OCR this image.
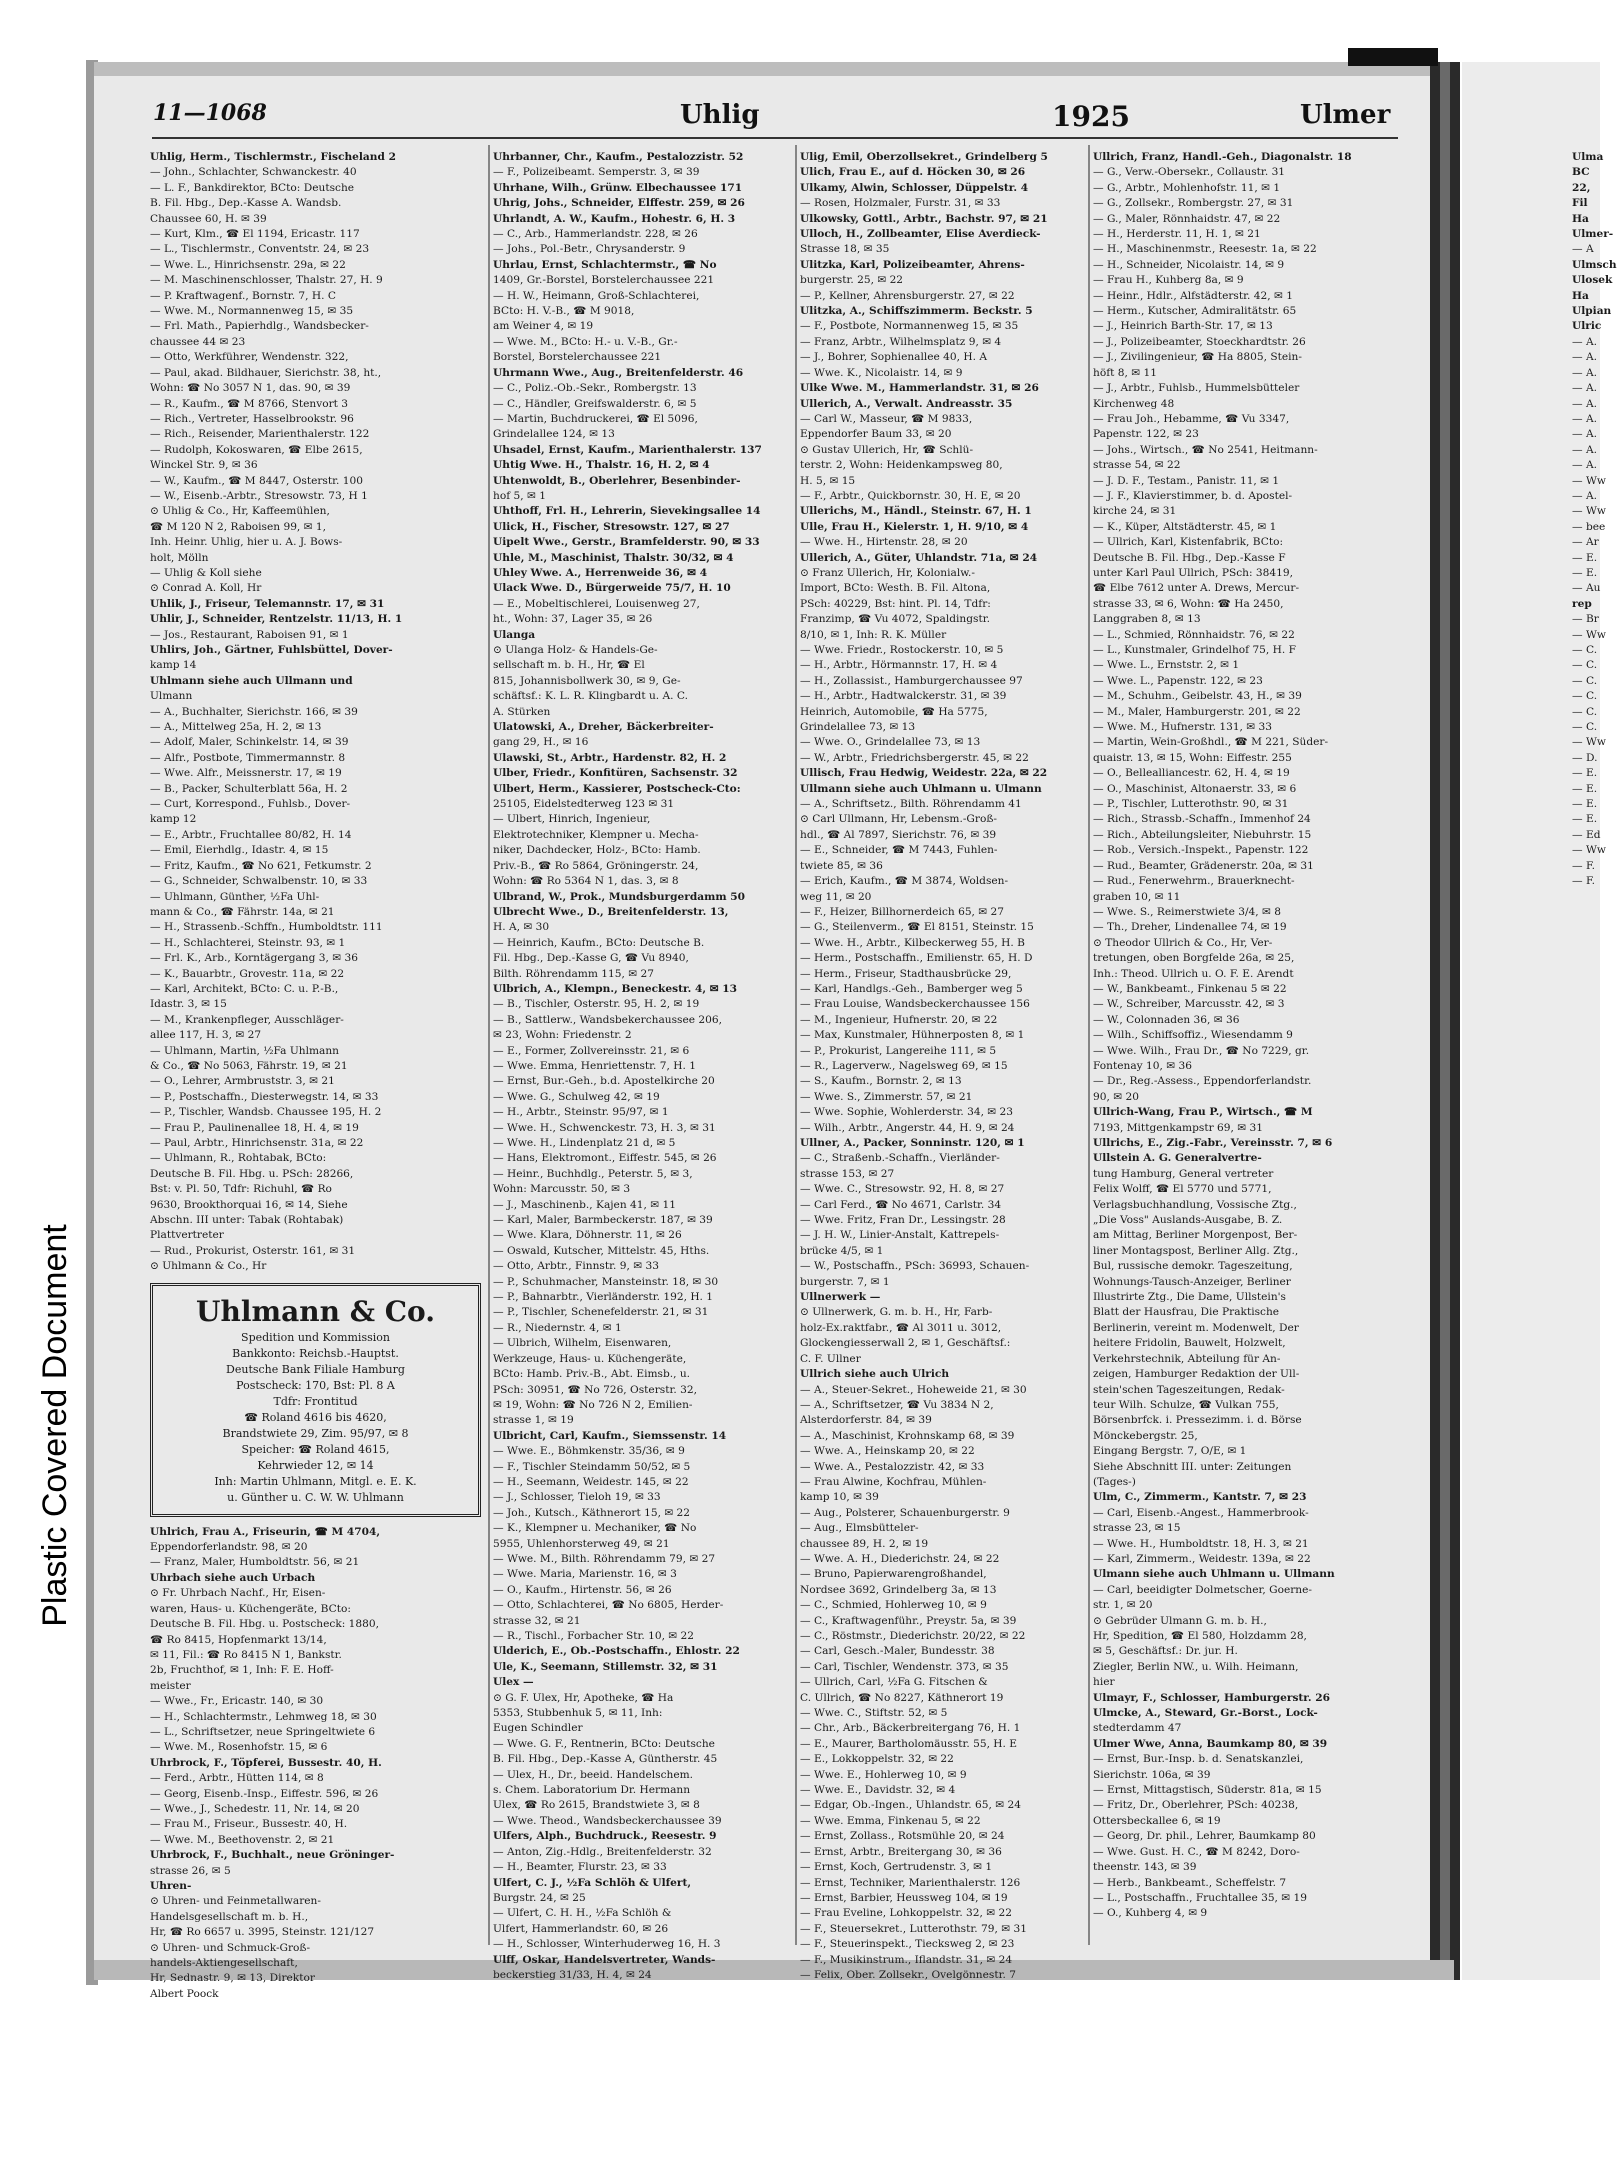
Plastic Covered Document
11—1068	Uhlig	1925	Ulmer

Uhlig, Herm., Tischlermstr., Fischeland 2

— John., Schlachter, Schwanckestr. 40

— L. F., Bankdirektor, BCto: Deutsche

B. Fil. Hbg., Dep.-Kasse A. Wandsb.

Chaussee 60, H. ✉ 39

— Kurt, Klm., ☎ El 1194, Ericastr. 117

— L., Tischlermstr., Conventstr. 24, ✉ 23

— Wwe. L., Hinrichsenstr. 29a, ✉ 22

— M. Maschinenschlosser, Thalstr. 27, H. 9

— P. Kraftwagenf., Bornstr. 7, H. C

— Wwe. M., Normannenweg 15, ✉ 35

— Frl. Math., Papierhdlg., Wandsbecker-

chaussee 44 ✉ 23

— Otto, Werkführer, Wendenstr. 322,

— Paul, akad. Bildhauer, Sierichstr. 38, ht.,

Wohn: ☎ No 3057 N 1, das. 90, ✉ 39

— R., Kaufm., ☎ M 8766, Stenvort 3

— Rich., Vertreter, Hasselbrookstr. 96

— Rich., Reisender, Marienthalerstr. 122

— Rudolph, Kokoswaren, ☎ Elbe 2615,

Winckel Str. 9, ✉ 36

— W., Kaufm., ☎ M 8447, Osterstr. 100

— W., Eisenb.-Arbtr., Stresowstr. 73, H 1

⊙ Uhlig & Co., Hr, Kaffeemühlen,

☎ M 120 N 2, Raboisen 99, ✉ 1,

Inh. Heinr. Uhlig, hier u. A. J. Bows-

holt, Mölln

— Uhlig & Koll siehe

⊙ Conrad A. Koll, Hr

Uhlik, J., Friseur, Telemannstr. 17, ✉ 31

Uhlir, J., Schneider, Rentzelstr. 11/13, H. 1

— Jos., Restaurant, Raboisen 91, ✉ 1

Uhlirs, Joh., Gärtner, Fuhlsbüttel, Dover-

kamp 14

Uhlmann siehe auch Ullmann und

Ulmann

— A., Buchhalter, Sierichstr. 166, ✉ 39

— A., Mittelweg 25a, H. 2, ✉ 13

— Adolf, Maler, Schinkelstr. 14, ✉ 39

— Alfr., Postbote, Timmermannstr. 8

— Wwe. Alfr., Meissnerstr. 17, ✉ 19

— B., Packer, Schulterblatt 56a, H. 2

— Curt, Korrespond., Fuhlsb., Dover-

kamp 12

— E., Arbtr., Fruchtallee 80/82, H. 14

— Emil, Eierhdlg., Idastr. 4, ✉ 15

— Fritz, Kaufm., ☎ No 621, Fetkumstr. 2

— G., Schneider, Schwalbenstr. 10, ✉ 33

— Uhlmann, Günther, ½Fa Uhl-

mann & Co., ☎ Fährstr. 14a, ✉ 21

— H., Strassenb.-Schffn., Humboldtstr. 111

— H., Schlachterei, Steinstr. 93, ✉ 1

— Frl. K., Arb., Korntägergang 3, ✉ 36

— K., Bauarbtr., Grovestr. 11a, ✉ 22

— Karl, Architekt, BCto: C. u. P.-B.,

Idastr. 3, ✉ 15

— M., Krankenpfleger, Ausschläger-

allee 117, H. 3, ✉ 27

— Uhlmann, Martin, ½Fa Uhlmann

& Co., ☎ No 5063, Fährstr. 19, ✉ 21

— O., Lehrer, Armbruststr. 3, ✉ 21

— P., Postschaffn., Diesterwegstr. 14, ✉ 33

— P., Tischler, Wandsb. Chaussee 195, H. 2

— Frau P., Paulinenallee 18, H. 4, ✉ 19

— Paul, Arbtr., Hinrichsenstr. 31a, ✉ 22

— Uhlmann, R., Rohtabak, BCto:

Deutsche B. Fil. Hbg. u. PSch: 28266,

Bst: v. Pl. 50, Tdfr: Richuhl, ☎ Ro

9630, Brookthorquai 16, ✉ 14, Siehe

Abschn. III unter: Tabak (Rohtabak)

Plattvertreter

— Rud., Prokurist, Osterstr. 161, ✉ 31

⊙ Uhlmann & Co., Hr

Uhlmann & Co.
Spedition und Kommission
Bankkonto: Reichsb.-Hauptst.
Deutsche Bank Filiale Hamburg
Postscheck: 170, Bst: Pl. 8 A
Tdfr: Frontitud
☎ Roland 4616 bis 4620,
Brandstwiete 29, Zim. 95/97, ✉ 8
Speicher: ☎ Roland 4615,
Kehrwieder 12, ✉ 14
Inh: Martin Uhlmann, Mitgl. e. E. K.
u. Günther u. C. W. W. Uhlmann

Uhlrich, Frau A., Friseurin, ☎ M 4704,

Eppendorferlandstr. 98, ✉ 20

— Franz, Maler, Humboldtstr. 56, ✉ 21

Uhrbach siehe auch Urbach

⊙ Fr. Uhrbach Nachf., Hr, Eisen-

waren, Haus- u. Küchengeräte, BCto:

Deutsche B. Fil. Hbg. u. Postscheck: 1880,

☎ Ro 8415, Hopfenmarkt 13/14,

✉ 11, Fil.: ☎ Ro 8415 N 1, Bankstr.

2b, Fruchthof, ✉ 1, Inh: F. E. Hoff-

meister

— Wwe., Fr., Ericastr. 140, ✉ 30

— H., Schlachtermstr., Lehmweg 18, ✉ 30

— L., Schriftsetzer, neue Springeltwiete 6

— Wwe. M., Rosenhofstr. 15, ✉ 6

Uhrbrock, F., Töpferei, Bussestr. 40, H.

— Ferd., Arbtr., Hütten 114, ✉ 8

— Georg, Eisenb.-Insp., Eiffestr. 596, ✉ 26

— Wwe., J., Schedestr. 11, Nr. 14, ✉ 20

— Frau M., Friseur., Bussestr. 40, H.

— Wwe. M., Beethovenstr. 2, ✉ 21

Uhrbrock, F., Buchhalt., neue Gröninger-

strasse 26, ✉ 5

Uhren-

⊙ Uhren- und Feinmetallwaren-

Handelsgesellschaft m. b. H.,

Hr, ☎ Ro 6657 u. 3995, Steinstr. 121/127

⊙ Uhren- und Schmuck-Groß-

handels-Aktiengesellschaft,

Hr, Sednastr. 9, ✉ 13, Direktor

Albert Poock

Uhrbanner, Chr., Kaufm., Pestalozzistr. 52

— F., Polizeibeamt. Semperstr. 3, ✉ 39

Uhrhane, Wilh., Grünw. Elbechaussee 171

Uhrig, Johs., Schneider, Elffestr. 259, ✉ 26

Uhrlandt, A. W., Kaufm., Hohestr. 6, H. 3

— C., Arb., Hammerlandstr. 228, ✉ 26

— Johs., Pol.-Betr., Chrysanderstr. 9

Uhrlau, Ernst, Schlachtermstr., ☎ No

1409, Gr.-Borstel, Borstelerchaussee 221

— H. W., Heimann, Groß-Schlachterei,

BCto: H. V.-B., ☎ M 9018,

am Weiner 4, ✉ 19

— Wwe. M., BCto: H.- u. V.-B., Gr.-

Borstel, Borstelerchaussee 221

Uhrmann Wwe., Aug., Breitenfelderstr. 46

— C., Poliz.-Ob.-Sekr., Rombergstr. 13

— C., Händler, Greifswalderstr. 6, ✉ 5

— Martin, Buchdruckerei, ☎ El 5096,

Grindelallee 124, ✉ 13

Uhsadel, Ernst, Kaufm., Marienthalerstr. 137

Uhtig Wwe. H., Thalstr. 16, H. 2, ✉ 4

Uhtenwoldt, B., Oberlehrer, Besenbinder-

hof 5, ✉ 1

Uhthoff, Frl. H., Lehrerin, Sievekingsallee 14

Ulick, H., Fischer, Stresowstr. 127, ✉ 27

Uipelt Wwe., Gerstr., Bramfelderstr. 90, ✉ 33

Uhle, M., Maschinist, Thalstr. 30/32, ✉ 4

Uhley Wwe. A., Herrenweide 36, ✉ 4

Ulack Wwe. D., Bürgerweide 75/7, H. 10

— E., Mobeltischlerei, Louisenweg 27,

ht., Wohn: 37, Lager 35, ✉ 26

Ulanga

⊙ Ulanga Holz- & Handels-Ge-

sellschaft m. b. H., Hr, ☎ El

815, Johannisbollwerk 30, ✉ 9, Ge-

schäftsf.: K. L. R. Klingbardt u. A. C.

A. Stürken

Ulatowski, A., Dreher, Bäckerbreiter-

gang 29, H., ✉ 16

Ulawski, St., Arbtr., Hardenstr. 82, H. 2

Ulber, Friedr., Konfitüren, Sachsenstr. 32

Ulbert, Herm., Kassierer, Postscheck-Cto:

25105, Eidelstedterweg 123 ✉ 31

— Ulbert, Hinrich, Ingenieur,

Elektrotechniker, Klempner u. Mecha-

niker, Dachdecker, Holz-, BCto: Hamb.

Priv.-B., ☎ Ro 5864, Gröningerstr. 24,

Wohn: ☎ Ro 5364 N 1, das. 3, ✉ 8

Ulbrand, W., Prok., Mundsburgerdamm 50

Ulbrecht Wwe., D., Breitenfelderstr. 13,

H. A, ✉ 30

— Heinrich, Kaufm., BCto: Deutsche B.

Fil. Hbg., Dep.-Kasse G, ☎ Vu 8940,

Bilth. Röhrendamm 115, ✉ 27

Ulbrich, A., Klempn., Beneckestr. 4, ✉ 13

— B., Tischler, Osterstr. 95, H. 2, ✉ 19

— B., Sattlerw., Wandsbekerchaussee 206,

✉ 23, Wohn: Friedenstr. 2

— E., Former, Zollvereinsstr. 21, ✉ 6

— Wwe. Emma, Henriettenstr. 7, H. 1

— Ernst, Bur.-Geh., b.d. Apostelkirche 20

— Wwe. G., Schulweg 42, ✉ 19

— H., Arbtr., Steinstr. 95/97, ✉ 1

— Wwe. H., Schwenckestr. 73, H. 3, ✉ 31

— Wwe. H., Lindenplatz 21 d, ✉ 5

— Hans, Elektromont., Eiffestr. 545, ✉ 26

— Heinr., Buchhdlg., Peterstr. 5, ✉ 3,

Wohn: Marcusstr. 50, ✉ 3

— J., Maschinenb., Kajen 41, ✉ 11

— Karl, Maler, Barmbeckerstr. 187, ✉ 39

— Wwe. Klara, Döhnerstr. 11, ✉ 26

— Oswald, Kutscher, Mittelstr. 45, Hths.

— Otto, Arbtr., Finnstr. 9, ✉ 33

— P., Schuhmacher, Mansteinstr. 18, ✉ 30

— P., Bahnarbtr., Vierländerstr. 192, H. 1

— P., Tischler, Schenefelderstr. 21, ✉ 31

— R., Niedernstr. 4, ✉ 1

— Ulbrich, Wilhelm, Eisenwaren,

Werkzeuge, Haus- u. Küchengeräte,

BCto: Hamb. Priv.-B., Abt. Eimsb., u.

PSch: 30951, ☎ No 726, Osterstr. 32,

✉ 19, Wohn: ☎ No 726 N 2, Emilien-

strasse 1, ✉ 19

Ulbricht, Carl, Kaufm., Siemssenstr. 14

— Wwe. E., Böhmkenstr. 35/36, ✉ 9

— F., Tischler Steindamm 50/52, ✉ 5

— H., Seemann, Weidestr. 145, ✉ 22

— J., Schlosser, Tieloh 19, ✉ 33

— Joh., Kutsch., Käthnerort 15, ✉ 22

— K., Klempner u. Mechaniker, ☎ No

5955, Uhlenhorsterweg 49, ✉ 21

— Wwe. M., Bilth. Röhrendamm 79, ✉ 27

— Wwe. Maria, Marienstr. 16, ✉ 3

— O., Kaufm., Hirtenstr. 56, ✉ 26

— Otto, Schlachterei, ☎ No 6805, Herder-

strasse 32, ✉ 21

— R., Tischl., Forbacher Str. 10, ✉ 22

Ulderich, E., Ob.-Postschaffn., Ehlostr. 22

Ule, K., Seemann, Stillemstr. 32, ✉ 31

Ulex —

⊙ G. F. Ulex, Hr, Apotheke, ☎ Ha

5353, Stubbenhuk 5, ✉ 11, Inh:

Eugen Schindler

— Wwe. G. F., Rentnerin, BCto: Deutsche

B. Fil. Hbg., Dep.-Kasse A, Güntherstr. 45

— Ulex, H., Dr., beeid. Handelschem.

s. Chem. Laboratorium Dr. Hermann

Ulex, ☎ Ro 2615, Brandstwiete 3, ✉ 8

— Wwe. Theod., Wandsbeckerchaussee 39

Ulfers, Alph., Buchdruck., Reesestr. 9

— Anton, Zig.-Hdlg., Breitenfelderstr. 32

— H., Beamter, Flurstr. 23, ✉ 33

Ulfert, C. J., ½Fa Schlöh & Ulfert,

Burgstr. 24, ✉ 25

— Ulfert, C. H. H., ½Fa Schlöh &

Ulfert, Hammerlandstr. 60, ✉ 26

— H., Schlosser, Winterhuderweg 16, H. 3

Ulff, Oskar, Handelsvertreter, Wands-

beckerstieg 31/33, H. 4, ✉ 24

Ulig, Emil, Oberzollsekret., Grindelberg 5

Ulich, Frau E., auf d. Höcken 30, ✉ 26

Ulkamy, Alwin, Schlosser, Düppelstr. 4

— Rosen, Holzmaler, Furstr. 31, ✉ 33

Ulkowsky, Gottl., Arbtr., Bachstr. 97, ✉ 21

Ulloch, H., Zollbeamter, Elise Averdieck-

Strasse 18, ✉ 35

Ulitzka, Karl, Polizeibeamter, Ahrens-

burgerstr. 25, ✉ 22

— P., Kellner, Ahrensburgerstr. 27, ✉ 22

Ulitzka, A., Schiffszimmerm. Beckstr. 5

— F., Postbote, Normannenweg 15, ✉ 35

— Franz, Arbtr., Wilhelmsplatz 9, ✉ 4

— J., Bohrer, Sophienallee 40, H. A

— Wwe. K., Nicolaistr. 14, ✉ 9

Ulke Wwe. M., Hammerlandstr. 31, ✉ 26

Ullerich, A., Verwalt. Andreasstr. 35

— Carl W., Masseur, ☎ M 9833,

Eppendorfer Baum 33, ✉ 20

⊙ Gustav Ullerich, Hr, ☎ Schlü-

terstr. 2, Wohn: Heidenkampsweg 80,

H. 5, ✉ 15

— F., Arbtr., Quickbornstr. 30, H. E, ✉ 20

Ullerichs, M., Händl., Steinstr. 67, H. 1

Ulle, Frau H., Kielerstr. 1, H. 9/10, ✉ 4

— Wwe. H., Hirtenstr. 28, ✉ 20

Ullerich, A., Güter, Uhlandstr. 71a, ✉ 24

⊙ Franz Ullerich, Hr, Kolonialw.-

Import, BCto: Westh. B. Fil. Altona,

PSch: 40229, Bst: hint. Pl. 14, Tdfr:

Franzimp, ☎ Vu 4072, Spaldingstr.

8/10, ✉ 1, Inh: R. K. Müller

— Wwe. Friedr., Rostockerstr. 10, ✉ 5

— H., Arbtr., Hörmannstr. 17, H. ✉ 4

— H., Zollassist., Hamburgerchaussee 97

— H., Arbtr., Hadtwalckerstr. 31, ✉ 39

Heinrich, Automobile, ☎ Ha 5775,

Grindelallee 73, ✉ 13

— Wwe. O., Grindelallee 73, ✉ 13

— W., Arbtr., Friedrichsbergerstr. 45, ✉ 22

Ullisch, Frau Hedwig, Weidestr. 22a, ✉ 22

Ullmann siehe auch Uhlmann u. Ulmann

— A., Schriftsetz., Bilth. Röhrendamm 41

⊙ Carl Ullmann, Hr, Lebensm.-Groß-

hdl., ☎ Al 7897, Sierichstr. 76, ✉ 39

— E., Schneider, ☎ M 7443, Fuhlen-

twiete 85, ✉ 36

— Erich, Kaufm., ☎ M 3874, Woldsen-

weg 11, ✉ 20

— F., Heizer, Billhornerdeich 65, ✉ 27

— G., Steilenverm., ☎ El 8151, Steinstr. 15

— Wwe. H., Arbtr., Kilbeckerweg 55, H. B

— Herm., Postschaffn., Emilienstr. 65, H. D

— Herm., Friseur, Stadthausbrücke 29,

— Karl, Handlgs.-Geh., Bamberger weg 5

— Frau Louise, Wandsbeckerchaussee 156

— M., Ingenieur, Hufnerstr. 20, ✉ 22

— Max, Kunstmaler, Hühnerposten 8, ✉ 1

— P., Prokurist, Langereihe 111, ✉ 5

— R., Lagerverw., Nagelsweg 69, ✉ 15

— S., Kaufm., Bornstr. 2, ✉ 13

— Wwe. S., Zimmerstr. 57, ✉ 21

— Wwe. Sophie, Wohlerderstr. 34, ✉ 23

— Wilh., Arbtr., Angerstr. 44, H. 9, ✉ 24

Ullner, A., Packer, Sonninstr. 120, ✉ 1

— C., Straßenb.-Schaffn., Vierländer-

strasse 153, ✉ 27

— Wwe. C., Stresowstr. 92, H. 8, ✉ 27

— Carl Ferd., ☎ No 4671, Carlstr. 34

— Wwe. Fritz, Fran Dr., Lessingstr. 28

— J. H. W., Linier-Anstalt, Kattrepels-

brücke 4/5, ✉ 1

— W., Postschaffn., PSch: 36993, Schauen-

burgerstr. 7, ✉ 1

Ullnerwerk —

⊙ Ullnerwerk, G. m. b. H., Hr, Farb-

holz-Ex.raktfabr., ☎ Al 3011 u. 3012,

Glockengiesserwall 2, ✉ 1, Geschäftsf.:

C. F. Ullner

Ullrich siehe auch Ulrich

— A., Steuer-Sekret., Hoheweide 21, ✉ 30

— A., Schriftsetzer, ☎ Vu 3834 N 2,

Alsterdorferstr. 84, ✉ 39

— A., Maschinist, Krohnskamp 68, ✉ 39

— Wwe. A., Heinskamp 20, ✉ 22

— Wwe. A., Pestalozzistr. 42, ✉ 33

— Frau Alwine, Kochfrau, Mühlen-

kamp 10, ✉ 39

— Aug., Polsterer, Schauenburgerstr. 9

— Aug., Elmsbütteler-

chaussee 89, H. 2, ✉ 19

— Wwe. A. H., Diederichstr. 24, ✉ 22

— Bruno, Papierwarengroßhandel,

Nordsee 3692, Grindelberg 3a, ✉ 13

— C., Schmied, Hohlerweg 10, ✉ 9

— C., Kraftwagenführ., Preystr. 5a, ✉ 39

— C., Röstmstr., Diederichstr. 20/22, ✉ 22

— Carl, Gesch.-Maler, Bundesstr. 38

— Carl, Tischler, Wendenstr. 373, ✉ 35

— Ullrich, Carl, ½Fa G. Fitschen &

C. Ullrich, ☎ No 8227, Käthnerort 19

— Wwe. C., Stiftstr. 52, ✉ 5

— Chr., Arb., Bäckerbreitergang 76, H. 1

— E., Maurer, Bartholomäusstr. 55, H. E

— E., Lokkoppelstr. 32, ✉ 22

— Wwe. E., Hohlerweg 10, ✉ 9

— Wwe. E., Davidstr. 32, ✉ 4

— Edgar, Ob.-Ingen., Uhlandstr. 65, ✉ 24

— Wwe. Emma, Finkenau 5, ✉ 22

— Ernst, Zollass., Rotsmühle 20, ✉ 24

— Ernst, Arbtr., Breitergang 30, ✉ 36

— Ernst, Koch, Gertrudenstr. 3, ✉ 1

— Ernst, Techniker, Marienthalerstr. 126

— Ernst, Barbier, Heussweg 104, ✉ 19

— Frau Eveline, Lohkoppelstr. 32, ✉ 22

— F., Steuersekret., Lutterothstr. 79, ✉ 31

— F., Steuerinspekt., Tiecksweg 2, ✉ 23

— F., Musikinstrum., Iflandstr. 31, ✉ 24

— Felix, Ober. Zollsekr., Ovelgönnestr. 7

Ullrich, Franz, Handl.-Geh., Diagonalstr. 18

— G., Verw.-Obersekr., Collaustr. 31

— G., Arbtr., Mohlenhofstr. 11, ✉ 1

— G., Zollsekr., Rombergstr. 27, ✉ 31

— G., Maler, Rönnhaidstr. 47, ✉ 22

— H., Herderstr. 11, H. 1, ✉ 21

— H., Maschinenmstr., Reesestr. 1a, ✉ 22

— H., Schneider, Nicolaistr. 14, ✉ 9

— Frau H., Kuhberg 8a, ✉ 9

— Heinr., Hdlr., Alfstädterstr. 42, ✉ 1

— Herm., Kutscher, Admiralitätstr. 65

— J., Heinrich Barth-Str. 17, ✉ 13

— J., Polizeibeamter, Stoeckhardtstr. 26

— J., Zivilingenieur, ☎ Ha 8805, Stein-

höft 8, ✉ 11

— J., Arbtr., Fuhlsb., Hummelsbütteler

Kirchenweg 48

— Frau Joh., Hebamme, ☎ Vu 3347,

Papenstr. 122, ✉ 23

— Johs., Wirtsch., ☎ No 2541, Heitmann-

strasse 54, ✉ 22

— J. D. F., Testam., Panistr. 11, ✉ 1

— J. F., Klavierstimmer, b. d. Apostel-

kirche 24, ✉ 31

— K., Küper, Altstädterstr. 45, ✉ 1

— Ullrich, Karl, Kistenfabrik, BCto:

Deutsche B. Fil. Hbg., Dep.-Kasse F

unter Karl Paul Ullrich, PSch: 38419,

☎ Elbe 7612 unter A. Drews, Mercur-

strasse 33, ✉ 6, Wohn: ☎ Ha 2450,

Langgraben 8, ✉ 13

— L., Schmied, Rönnhaidstr. 76, ✉ 22

— L., Kunstmaler, Grindelhof 75, H. F

— Wwe. L., Ernststr. 2, ✉ 1

— Wwe. L., Papenstr. 122, ✉ 23

— M., Schuhm., Geibelstr. 43, H., ✉ 39

— M., Maler, Hamburgerstr. 201, ✉ 22

— Wwe. M., Hufnerstr. 131, ✉ 33

— Martin, Wein-Großhdl., ☎ M 221, Süder-

quaistr. 13, ✉ 15, Wohn: Eiffestr. 255

— O., Bellealliancestr. 62, H. 4, ✉ 19

— O., Maschinist, Altonaerstr. 33, ✉ 6

— P., Tischler, Lutterothstr. 90, ✉ 31

— Rich., Strassb.-Schaffn., Immenhof 24

— Rich., Abteilungsleiter, Niebuhrstr. 15

— Rob., Versich.-Inspekt., Papenstr. 122

— Rud., Beamter, Grädenerstr. 20a, ✉ 31

— Rud., Fenerwehrm., Brauerknecht-

graben 10, ✉ 11

— Wwe. S., Reimerstwiete 3/4, ✉ 8

— Th., Dreher, Lindenallee 74, ✉ 19

⊙ Theodor Ullrich & Co., Hr, Ver-

tretungen, oben Borgfelde 26a, ✉ 25,

Inh.: Theod. Ullrich u. O. F. E. Arendt

— W., Bankbeamt., Finkenau 5 ✉ 22

— W., Schreiber, Marcusstr. 42, ✉ 3

— W., Colonnaden 36, ✉ 36

— Wilh., Schiffsoffiz., Wiesendamm 9

— Wwe. Wilh., Frau Dr., ☎ No 7229, gr.

Fontenay 10, ✉ 36

— Dr., Reg.-Assess., Eppendorferlandstr.

90, ✉ 20

Ullrich-Wang, Frau P., Wirtsch., ☎ M

7193, Mittgenkampstr 69, ✉ 31

Ullrichs, E., Zig.-Fabr., Vereinsstr. 7, ✉ 6

Ullstein A. G. Generalvertre-

tung Hamburg, General vertreter

Felix Wolff, ☎ El 5770 und 5771,

Verlagsbuchhandlung, Vossische Ztg.,

„Die Voss" Auslands-Ausgabe, B. Z.

am Mittag, Berliner Morgenpost, Ber-

liner Montagspost, Berliner Allg. Ztg.,

Bul, russische demokr. Tageszeitung,

Wohnungs-Tausch-Anzeiger, Berliner

Illustrirte Ztg., Die Dame, Ullstein's

Blatt der Hausfrau, Die Praktische

Berlinerin, vereint m. Modenwelt, Der

heitere Fridolin, Bauwelt, Holzwelt,

Verkehrstechnik, Abteilung für An-

zeigen, Hamburger Redaktion der Ull-

stein'schen Tageszeitungen, Redak-

teur Wilh. Schulze, ☎ Vulkan 755,

Börsenbrfck. i. Pressezimm. i. d. Börse

Mönckebergstr. 25,

Eingang Bergstr. 7, O/E, ✉ 1

Siehe Abschnitt III. unter: Zeitungen

(Tages-)

Ulm, C., Zimmerm., Kantstr. 7, ✉ 23

— Carl, Eisenb.-Angest., Hammerbrook-

strasse 23, ✉ 15

— Wwe. H., Humboldtstr. 18, H. 3, ✉ 21

— Karl, Zimmerm., Weidestr. 139a, ✉ 22

Ulmann siehe auch Uhlmann u. Ullmann

— Carl, beeidigter Dolmetscher, Goerne-

str. 1, ✉ 20

⊙ Gebrüder Ulmann G. m. b. H.,

Hr, Spedition, ☎ El 580, Holzdamm 28,

✉ 5, Geschäftsf.: Dr. jur. H.

Ziegler, Berlin NW., u. Wilh. Heimann,

hier

Ulmayr, F., Schlosser, Hamburgerstr. 26

Ulmcke, A., Steward, Gr.-Borst., Lock-

stedterdamm 47

Ulmer Wwe, Anna, Baumkamp 80, ✉ 39

— Ernst, Bur.-Insp. b. d. Senatskanzlei,

Sierichstr. 106a, ✉ 39

— Ernst, Mittagstisch, Süderstr. 81a, ✉ 15

— Fritz, Dr., Oberlehrer, PSch: 40238,

Ottersbeckallee 6, ✉ 19

— Georg, Dr. phil., Lehrer, Baumkamp 80

— Wwe. Gust. H. C., ☎ M 8242, Doro-

theenstr. 143, ✉ 39

— Herb., Bankbeamt., Scheffelstr. 7

— L., Postschaffn., Fruchtallee 35, ✉ 19

— O., Kuhberg 4, ✉ 9

Ulma

BC

22,

Fil

Ha

Ulmer-

— A

Ulmsch

Ulosek

Ha

Ulpian

Ulric

— A.

— A.

— A.

— A.

— A.

— A.

— A.

— A.

— A.

— Ww

— A.

— Ww

— bee

— Ar

— E.

— E.

— Au

rep

— Br

— Ww

— C.

— C.

— C.

— C.

— C.

— C.

— Ww

— D.

— E.

— E.

— E.

— E.

— Ed

— Ww

— F.

— F.
